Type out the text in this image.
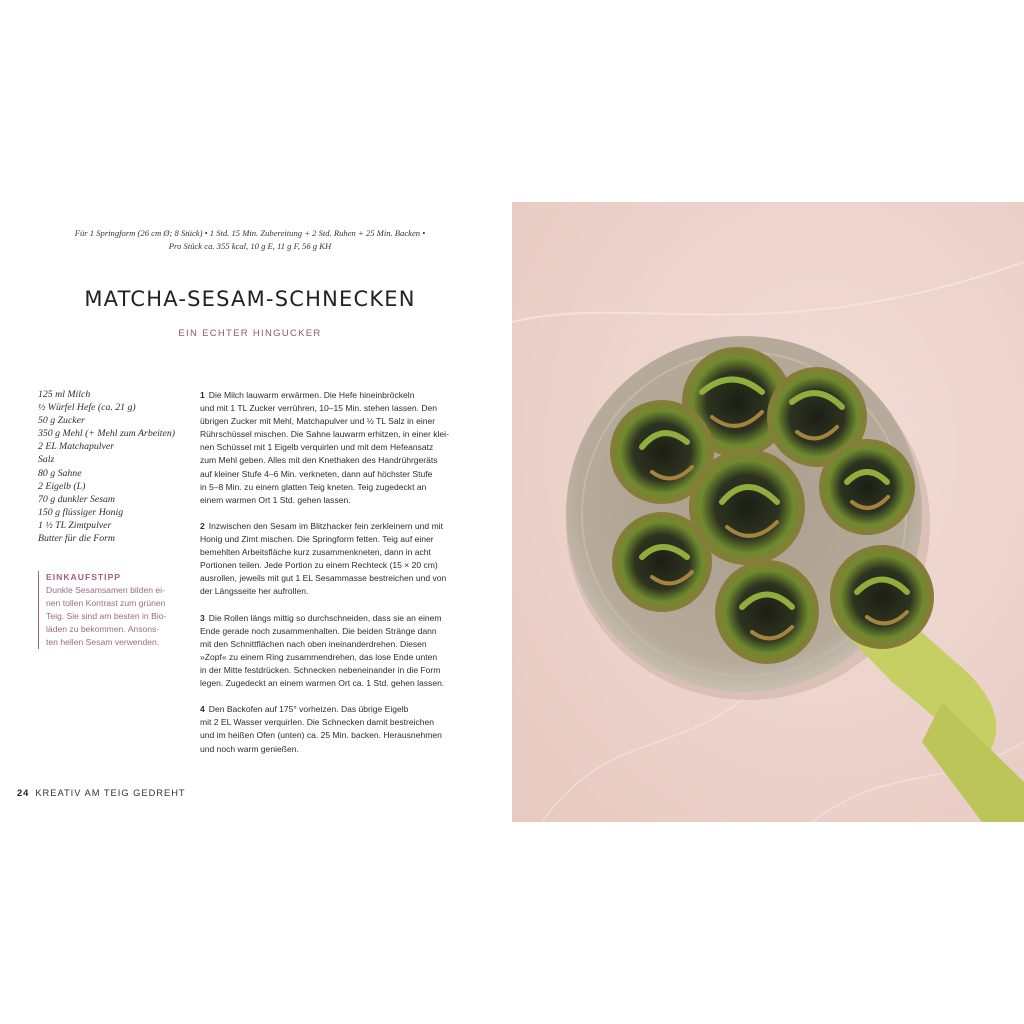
Für 1 Springform (26 cm Ø; 8 Stück) • 1 Std. 15 Min. Zubereitung + 2 Std. Ruhen + 25 Min. Backen •
Pro Stück ca. 355 kcal, 10 g E, 11 g F, 56 g KH
MATCHA-SESAM-SCHNECKEN
EIN ECHTER HINGUCKER
125 ml Milch
½ Würfel Hefe (ca. 21 g)
50 g Zucker
350 g Mehl (+ Mehl zum Arbeiten)
2 EL Matchapulver
Salz
80 g Sahne
2 Eigelb (L)
70 g dunkler Sesam
150 g flüssiger Honig
1 ½ TL Zimtpulver
Butter für die Form
EINKAUFSTIPP
Dunkle Sesamsamen bilden ei-
nen tollen Kontrast zum grünen
Teig. Sie sind am besten in Bio-
läden zu bekommen. Ansons-
ten hellen Sesam verwenden.
1 Die Milch lauwarm erwärmen. Die Hefe hineinbröckeln
und mit 1 TL Zucker verrühren, 10–15 Min. stehen lassen. Den
übrigen Zucker mit Mehl, Matchapulver und ½ TL Salz in einer
Rührschüssel mischen. Die Sahne lauwarm erhitzen, in einer klei-
nen Schüssel mit 1 Eigelb verquirlen und mit dem Hefeansatz
zum Mehl geben. Alles mit den Knethaken des Handrührgeräts
auf kleiner Stufe 4–6 Min. verkneten, dann auf höchster Stufe
in 5–8 Min. zu einem glatten Teig kneten. Teig zugedeckt an
einem warmen Ort 1 Std. gehen lassen.
2 Inzwischen den Sesam im Blitzhacker fein zerkleinern und mit
Honig und Zimt mischen. Die Springform fetten. Teig auf einer
bemehlten Arbeitsfläche kurz zusammenkneten, dann in acht
Portionen teilen. Jede Portion zu einem Rechteck (15 × 20 cm)
ausrollen, jeweils mit gut 1 EL Sesammasse bestreichen und von
der Längsseite her aufrollen.
3 Die Rollen längs mittig so durchschneiden, dass sie an einem
Ende gerade noch zusammenhalten. Die beiden Stränge dann
mit den Schnittflächen nach oben ineinanderdrehen. Diesen
»Zopf« zu einem Ring zusammendrehen, das lose Ende unten
in der Mitte festdrücken. Schnecken nebeneinander in die Form
legen. Zugedeckt an einem warmen Ort ca. 1 Std. gehen lassen.
4 Den Backofen auf 175° vorheizen. Das übrige Eigelb
mit 2 EL Wasser verquirlen. Die Schnecken damit bestreichen
und im heißen Ofen (unten) ca. 25 Min. backen. Herausnehmen
und noch warm genießen.
24 KREATIV AM TEIG GEDREHT
